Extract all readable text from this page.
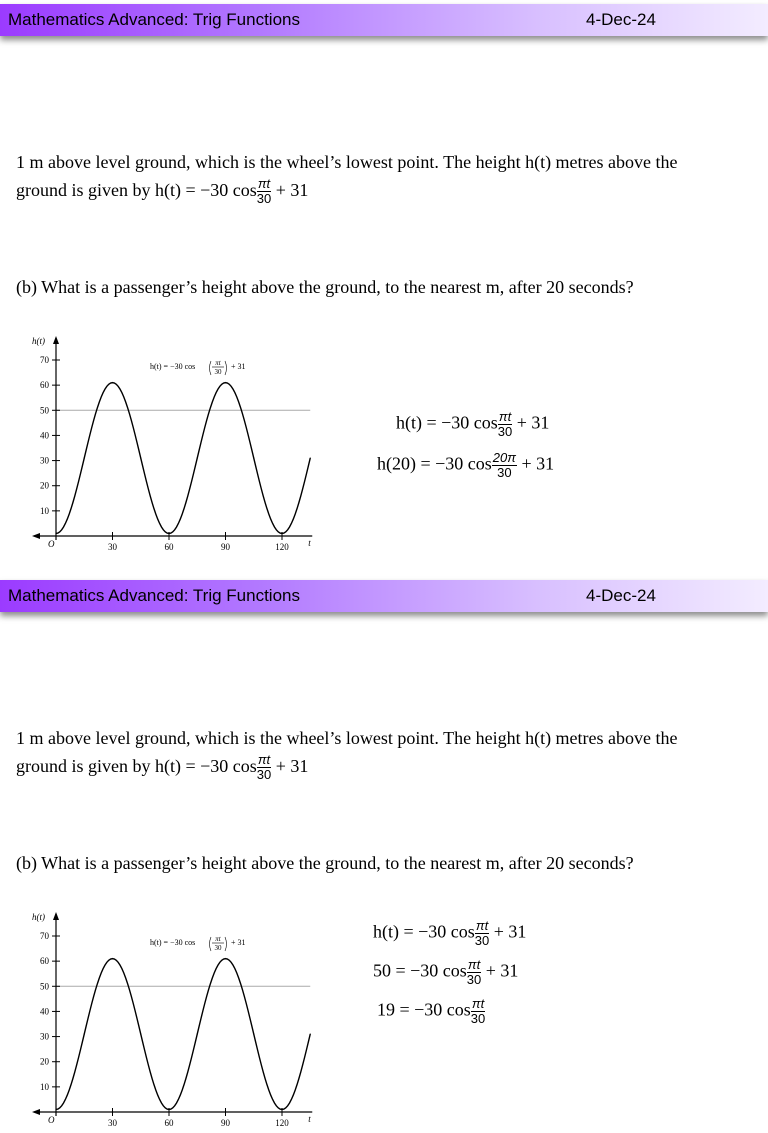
Mathematics Advanced: Trig Functions	4-Dec-24
1 m above level ground, which is the wheel’s lowest point. The height h(t) metres above the
ground is given by h(t) = −30 $\cos \frac{\pi t}{30} + 31$
(b) What is a passenger’s height above the ground, to the nearest m, after 20 seconds?
10
20
30
40
50
60
70
30	60	90	120
h(t)
t
O
h(t) = −30 cos	πt
30
+ 31
h(t) = −30 $\cos \frac{\pi t}{30} + 31$
h(20) = −30 $\cos \frac{20\pi}{30} + 31$
Mathematics Advanced: Trig Functions	4-Dec-24
1 m above level ground, which is the wheel’s lowest point. The height h(t) metres above the
ground is given by h(t) = −30 $\cos \frac{\pi t}{30} + 31$
(b) What is a passenger’s height above the ground, to the nearest m, after 20 seconds?
10
20
30
40
50
60
70
30	60	90	120
h(t)
t
O
h(t) = −30 cos	πt
30
+ 31
h(t) = −30 $\cos \frac{\pi t}{30} + 31$
50 = −30 $\cos \frac{\pi t}{30} + 31$
19 = −30 $\cos \frac{\pi t}{30}$
